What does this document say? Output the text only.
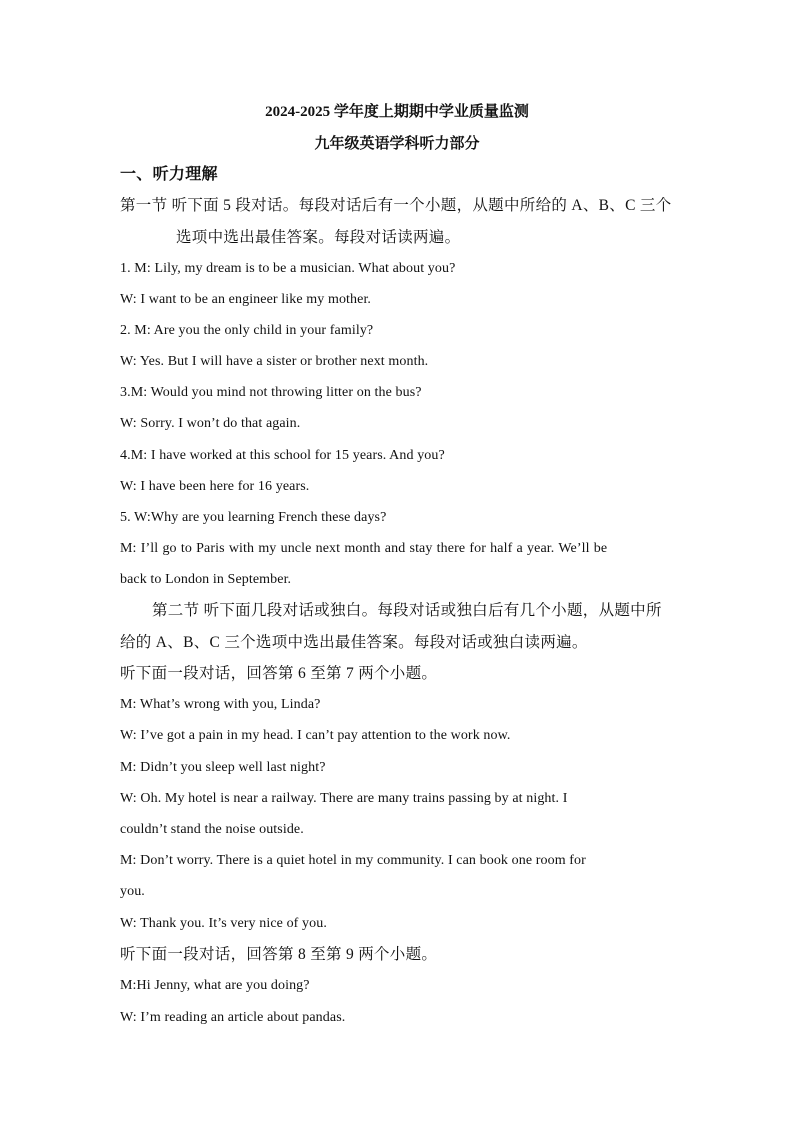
2024-2025 学年度上期期中学业质量监测
九年级英语学科听力部分
一、听力理解
第一节 听下面 5 段对话。每段对话后有一个小题，从题中所给的 A、B、C 三个
选项中选出最佳答案。每段对话读两遍。
1. M: Lily, my dream is to be a musician. What about you?
W: I want to be an engineer like my mother.
2. M: Are you the only child in your family?
W: Yes. But I will have a sister or brother next month.
3.M: Would you mind not throwing litter on the bus?
W: Sorry. I won’t do that again.
4.M: I have worked at this school for 15 years. And you?
W: I have been here for 16 years.
5. W:Why are you learning French these days?
M: I’ll go to Paris with my uncle next month and stay there for half a year. We’ll be
back to London in September.
第二节 听下面几段对话或独白。每段对话或独白后有几个小题，从题中所
给的 A、B、C 三个选项中选出最佳答案。每段对话或独白读两遍。
听下面一段对话，回答第 6 至第 7 两个小题。
M: What’s wrong with you, Linda?
W: I’ve got a pain in my head. I can’t pay attention to the work now.
M: Didn’t you sleep well last night?
W: Oh. My hotel is near a railway. There are many trains passing by at night. I
couldn’t stand the noise outside.
M: Don’t worry. There is a quiet hotel in my community. I can book one room for
you.
W: Thank you. It’s very nice of you.
听下面一段对话，回答第 8 至第 9 两个小题。
M:Hi Jenny, what are you doing?
W: I’m reading an article about pandas.
